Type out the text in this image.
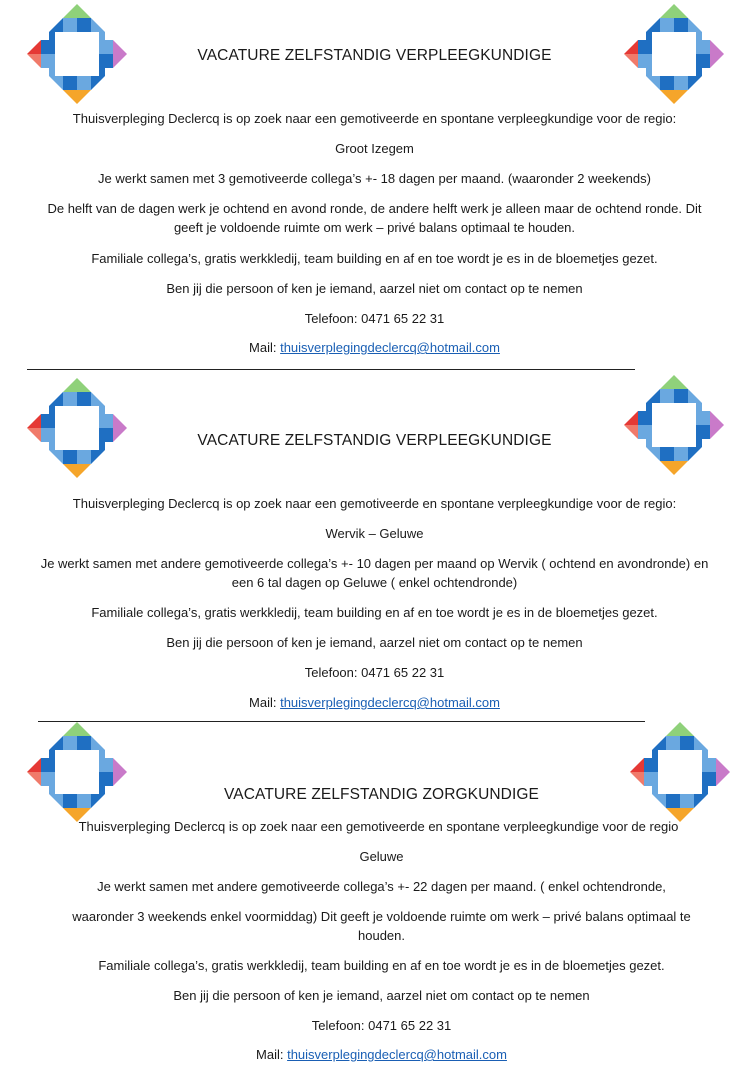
VACATURE ZELFSTANDIG VERPLEEGKUNDIGE
Thuisverpleging Declercq is op zoek naar een gemotiveerde en spontane verpleegkundige voor de regio:
Groot Izegem
Je werkt samen met 3 gemotiveerde collega’s +- 18 dagen per maand. (waaronder 2 weekends)
De helft van de dagen werk je ochtend en avond ronde, de andere helft werk je alleen maar de ochtend ronde. Dit
geeft je voldoende ruimte om werk – privé balans optimaal te houden.
Familiale collega’s, gratis werkkledij, team building en af en toe wordt je es in de bloemetjes gezet.
Ben jij die persoon of ken je iemand, aarzel niet om contact op te nemen
Telefoon: 0471 65 22 31
Mail: thuisverplegingdeclercq@hotmail.com
VACATURE ZELFSTANDIG VERPLEEGKUNDIGE
Thuisverpleging Declercq is op zoek naar een gemotiveerde en spontane verpleegkundige voor de regio:
Wervik – Geluwe
Je werkt samen met andere gemotiveerde collega’s +- 10 dagen per maand op Wervik ( ochtend en avondronde) en
een 6 tal dagen op Geluwe ( enkel ochtendronde)
Familiale collega’s, gratis werkkledij, team building en af en toe wordt je es in de bloemetjes gezet.
Ben jij die persoon of ken je iemand, aarzel niet om contact op te nemen
Telefoon: 0471 65 22 31
Mail: thuisverplegingdeclercq@hotmail.com
VACATURE ZELFSTANDIG ZORGKUNDIGE
Thuisverpleging Declercq is op zoek naar een gemotiveerde en spontane verpleegkundige voor de regio
Geluwe
Je werkt samen met andere gemotiveerde collega’s +- 22 dagen per maand. ( enkel ochtendronde,
waaronder 3 weekends enkel voormiddag) Dit geeft je voldoende ruimte om werk – privé balans optimaal te
houden.
Familiale collega’s, gratis werkkledij, team building en af en toe wordt je es in de bloemetjes gezet.
Ben jij die persoon of ken je iemand, aarzel niet om contact op te nemen
Telefoon: 0471 65 22 31
Mail: thuisverplegingdeclercq@hotmail.com
